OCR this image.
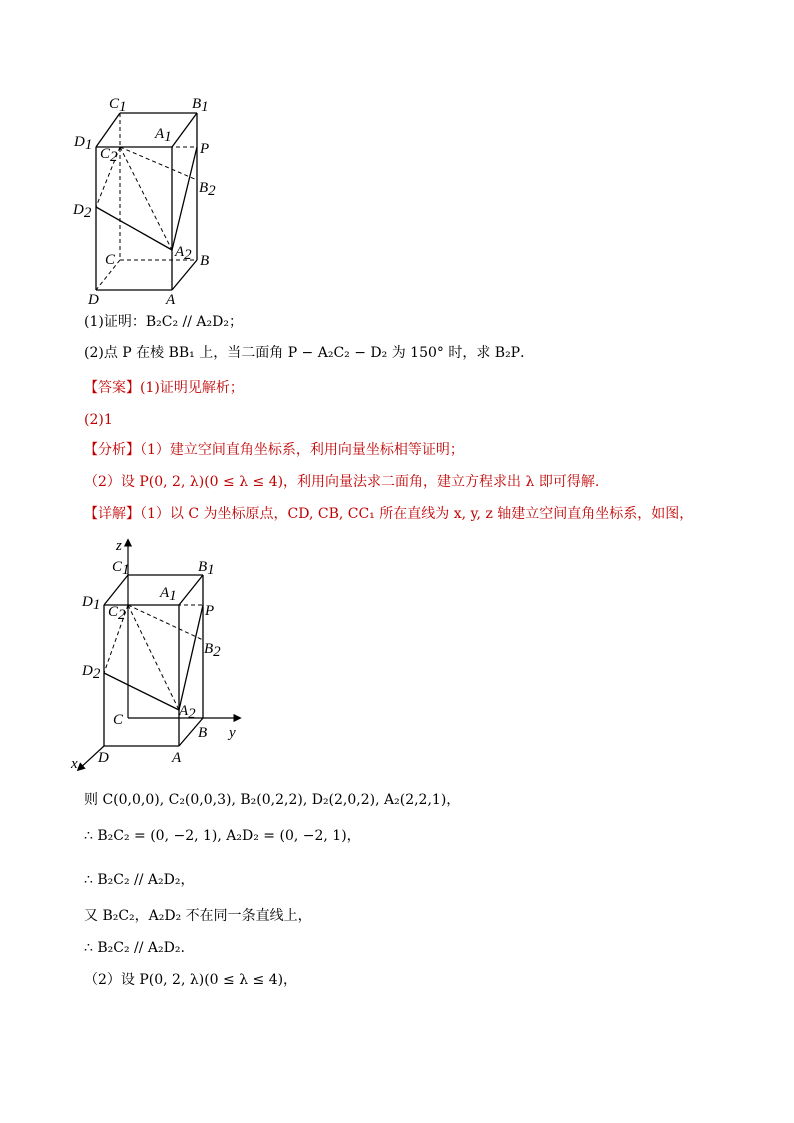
C1	B1
A1
D1
C2	P
B2
D2
A2
C	B
D	A
(1)证明：B₂C₂ // A₂D₂；
(2)点 P 在棱 BB₁ 上，当二面角 P − A₂C₂ − D₂ 为 150° 时，求 B₂P．
【答案】(1)证明见解析；
(2)1
【分析】（1）建立空间直角坐标系，利用向量坐标相等证明；
（2）设 P(0, 2, λ)(0 ≤ λ ≤ 4)，利用向量法求二面角，建立方程求出 λ 即可得解.
【详解】（1）以 C 为坐标原点，CD, CB, CC₁ 所在直线为 x, y, z 轴建立空间直角坐标系，如图，
z
y
x
C1	B1
A1
D1 C2	P
B2
D2
A2
C
B
D	A
则 C(0,0,0), C₂(0,0,3), B₂(0,2,2), D₂(2,0,2), A₂(2,2,1)，
∴ B₂C₂ = (0, −2, 1), A₂D₂ = (0, −2, 1)，
∴ B₂C₂ // A₂D₂，
又 B₂C₂，A₂D₂ 不在同一条直线上，
∴ B₂C₂ // A₂D₂.
（2）设 P(0, 2, λ)(0 ≤ λ ≤ 4)，
